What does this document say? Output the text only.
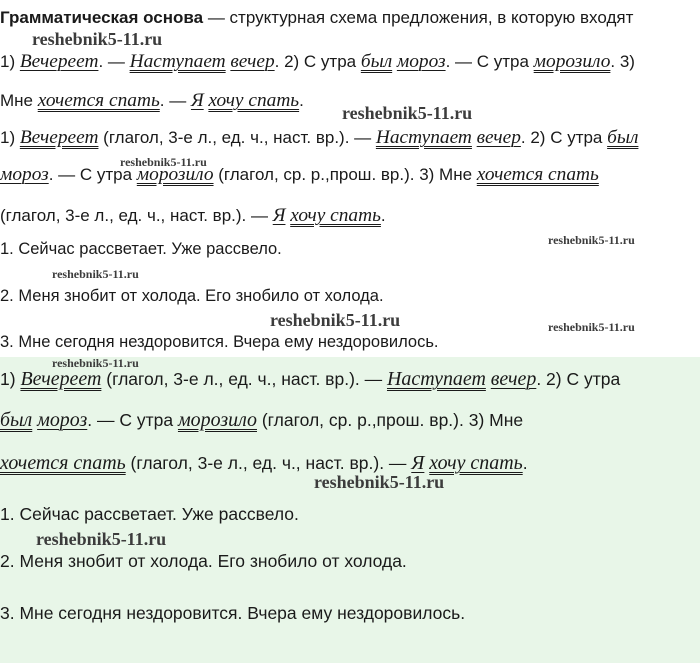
Грамматическая основа — структурная схема предложения, в которую входят
1) Вечереет. — Наступает вечер. 2) С утра был мороз. — С утра морозило. 3)
Мне хочется спать. — Я хочу спать.
1) Вечереет (глагол, 3-е л., ед. ч., наст. вр.). — Наступает вечер. 2) С утра был
мороз. — С утра морозило (глагол, ср. р.,прош. вр.). 3) Мне хочется спать
(глагол, 3-е л., ед. ч., наст. вр.). — Я хочу спать.
1. Сейчас рассветает. Уже рассвело.
2. Меня знобит от холода. Его знобило от холода.
3. Мне сегодня нездоровится. Вчера ему нездоровилось.
1) Вечереет (глагол, 3-е л., ед. ч., наст. вр.). — Наступает вечер. 2) С утра
был мороз. — С утра морозило (глагол, ср. р.,прош. вр.). 3) Мне
хочется спать (глагол, 3-е л., ед. ч., наст. вр.). — Я хочу спать.
1. Сейчас рассветает. Уже рассвело.
2. Меня знобит от холода. Его знобило от холода.
3. Мне сегодня нездоровится. Вчера ему нездоровилось.
reshebnik5-11.ru
reshebnik5-11.ru
reshebnik5-11.ru
reshebnik5-11.ru
reshebnik5-11.ru
reshebnik5-11.ru	reshebnik5-11.ru
reshebnik5-11.ru
reshebnik5-11.ru
reshebnik5-11.ru
